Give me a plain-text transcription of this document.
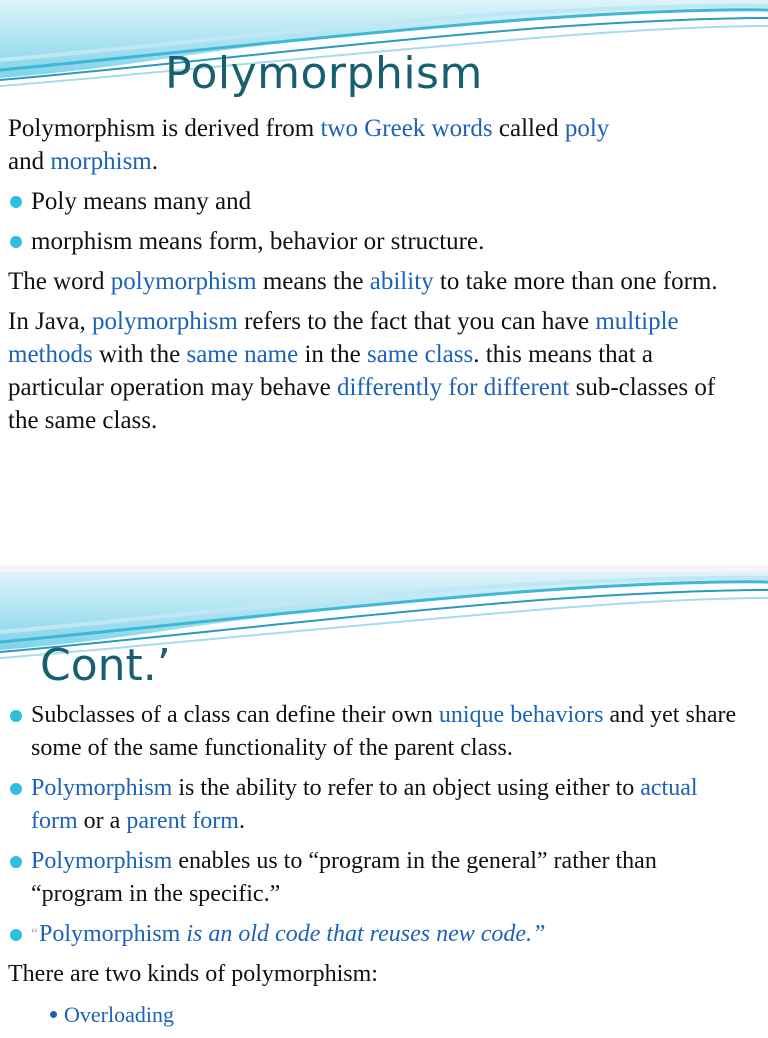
Polymorphism

Polymorphism is derived from two Greek words called poly
and morphism.

Poly means many and
morphism means form, behavior or structure.

The word polymorphism means the ability to take more than one form.

In Java, polymorphism refers to the fact that you can have multiple methods with the same name in the same class. this means that a particular operation may behave differently for different sub-classes of the same class.

Cont.’
Subclasses of a class can define their own unique behaviors and yet share some of the same functionality of the parent class.
Polymorphism is the ability to refer to an object using either to actual form or a parent form.
Polymorphism enables us to “program in the general” rather than “program in the specific.”
“Polymorphism is an old code that reuses new code.”

There are two kinds of polymorphism:

Overloading
